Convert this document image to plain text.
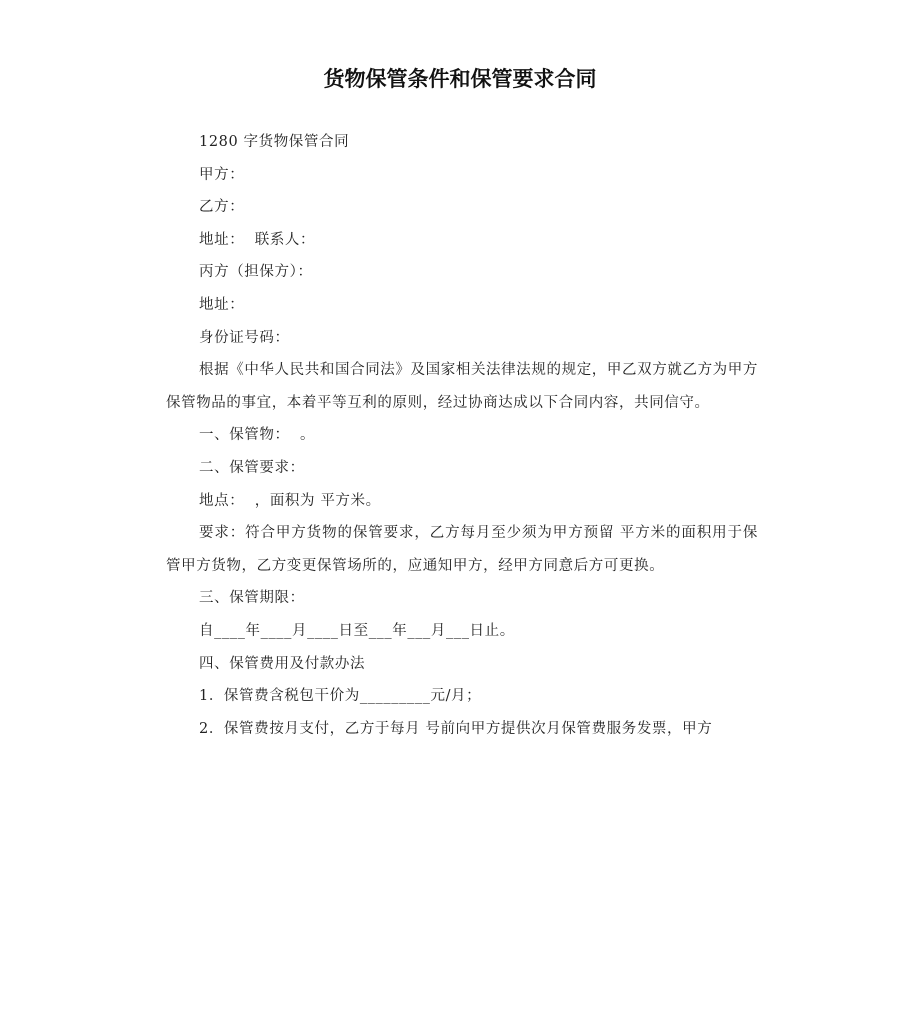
货物保管条件和保管要求合同

1280 字货物保管合同

甲方：

乙方：

地址：  联系人：

丙方（担保方）：

地址：

身份证号码：

根据《中华人民共和国合同法》及国家相关法律法规的规定，甲乙双方就乙方为甲方保管物品的事宜，本着平等互利的原则，经过协商达成以下合同内容，共同信守。

一、保管物：  。

二、保管要求：

地点：  ，面积为 平方米。

要求：符合甲方货物的保管要求，乙方每月至少须为甲方预留 平方米的面积用于保管甲方货物，乙方变更保管场所的，应通知甲方，经甲方同意后方可更换。

三、保管期限：

自____年____月____日至___年___月___日止。

四、保管费用及付款办法

1．保管费含税包干价为_________元/月；

2．保管费按月支付，乙方于每月 号前向甲方提供次月保管费服务发票，甲方
